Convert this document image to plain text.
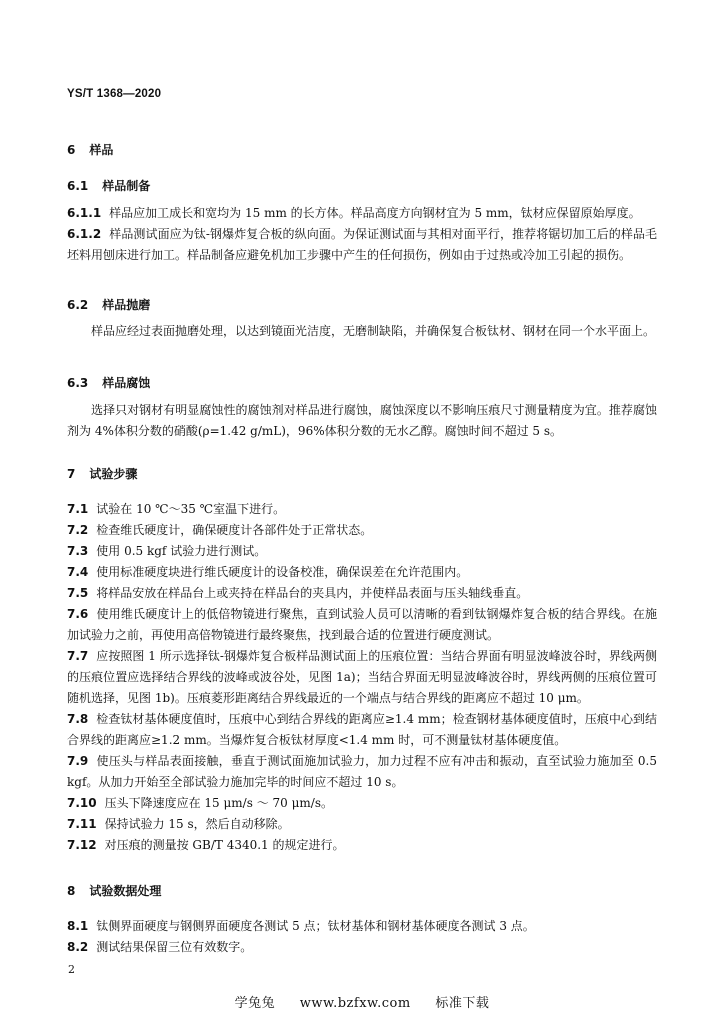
YS/T 1368—2020
6 样品
6.1 样品制备

6.1.1 样品应加工成长和宽均为 15 mm 的长方体。样品高度方向钢材宜为 5 mm，钛材应保留原始厚度。

6.1.2 样品测试面应为钛-钢爆炸复合板的纵向面。为保证测试面与其相对面平行，推荐将锯切加工后的样品毛坯料用刨床进行加工。样品制备应避免机加工步骤中产生的任何损伤，例如由于过热或冷加工引起的损伤。

6.2 样品抛磨

样品应经过表面抛磨处理，以达到镜面光洁度，无磨制缺陷，并确保复合板钛材、钢材在同一个水平面上。

6.3 样品腐蚀

选择只对钢材有明显腐蚀性的腐蚀剂对样品进行腐蚀，腐蚀深度以不影响压痕尺寸测量精度为宜。推荐腐蚀剂为 4%体积分数的硝酸(ρ=1.42 g/mL)，96%体积分数的无水乙醇。腐蚀时间不超过 5 s。

7 试验步骤

7.1 试验在 10 ℃～35 ℃室温下进行。

7.2 检查维氏硬度计，确保硬度计各部件处于正常状态。

7.3 使用 0.5 kgf 试验力进行测试。

7.4 使用标准硬度块进行维氏硬度计的设备校准，确保误差在允许范围内。

7.5 将样品安放在样品台上或夹持在样品台的夹具内，并使样品表面与压头轴线垂直。

7.6 使用维氏硬度计上的低倍物镜进行聚焦，直到试验人员可以清晰的看到钛钢爆炸复合板的结合界线。在施加试验力之前，再使用高倍物镜进行最终聚焦，找到最合适的位置进行硬度测试。

7.7 应按照图 1 所示选择钛-钢爆炸复合板样品测试面上的压痕位置：当结合界面有明显波峰波谷时，界线两侧的压痕位置应选择结合界线的波峰或波谷处，见图 1a)；当结合界面无明显波峰波谷时，界线两侧的压痕位置可随机选择，见图 1b)。压痕菱形距离结合界线最近的一个端点与结合界线的距离应不超过 10 μm。

7.8 检查钛材基体硬度值时，压痕中心到结合界线的距离应≥1.4 mm；检查钢材基体硬度值时，压痕中心到结合界线的距离应≥1.2 mm。当爆炸复合板钛材厚度<1.4 mm 时，可不测量钛材基体硬度值。

7.9 使压头与样品表面接触，垂直于测试面施加试验力，加力过程不应有冲击和振动，直至试验力施加至 0.5 kgf。从加力开始至全部试验力施加完毕的时间应不超过 10 s。

7.10 压头下降速度应在 15 μm/s ～ 70 μm/s。

7.11 保持试验力 15 s，然后自动移除。

7.12 对压痕的测量按 GB/T 4340.1 的规定进行。

8 试验数据处理

8.1 钛侧界面硬度与钢侧界面硬度各测试 5 点；钛材基体和钢材基体硬度各测试 3 点。

8.2 测试结果保留三位有效数字。

2
学兔兔 www.bzfxw.com 标准下载
